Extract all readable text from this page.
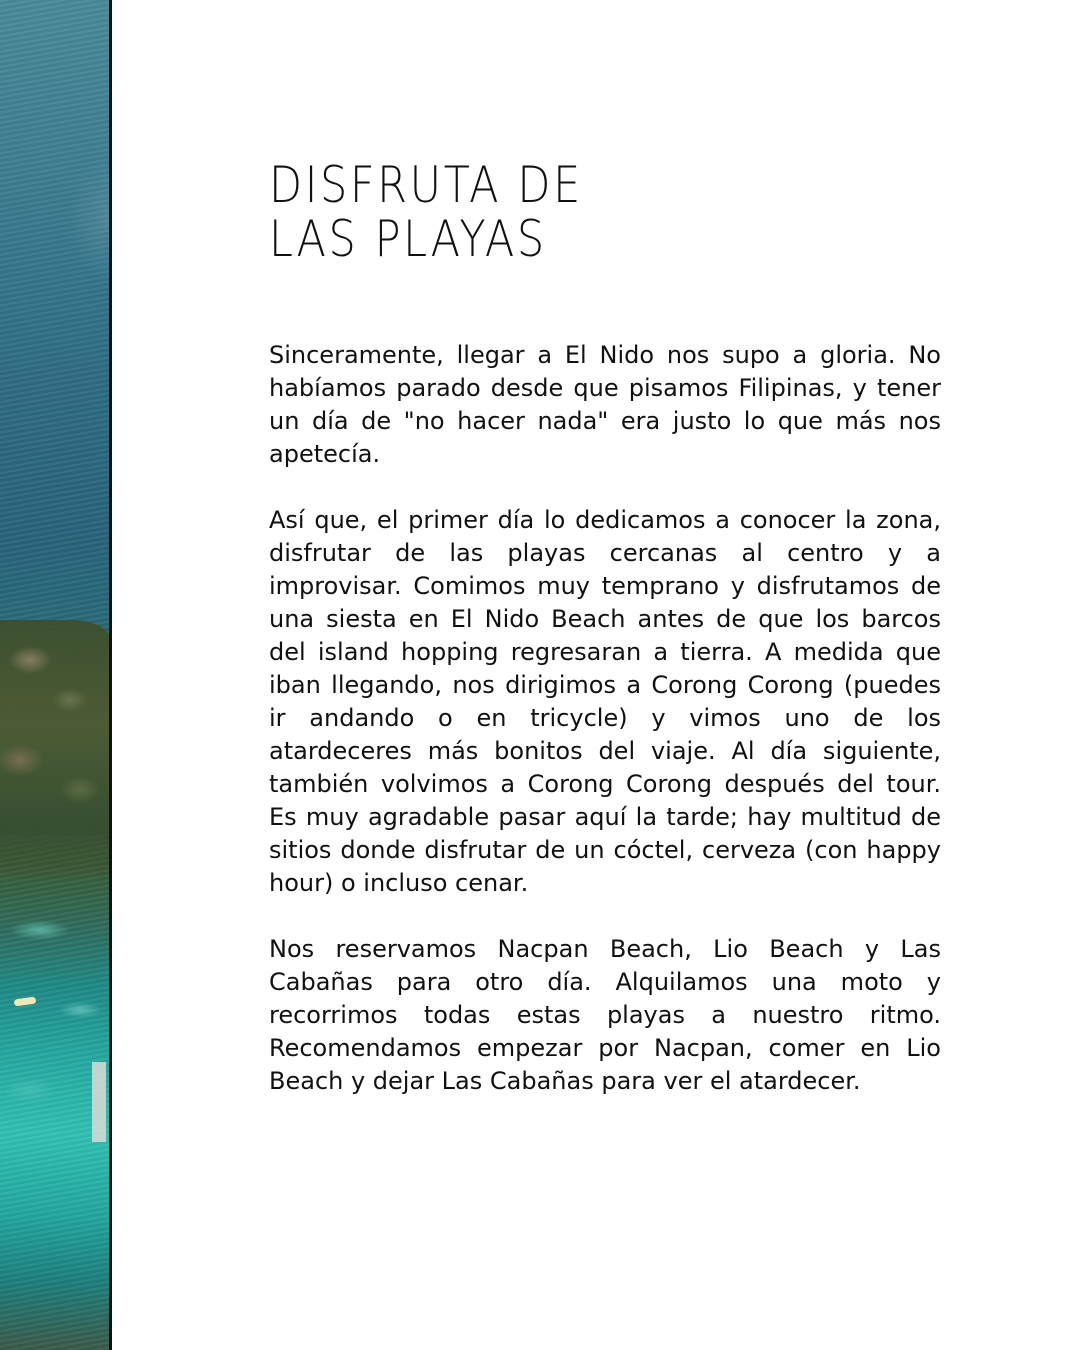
DISFRUTA DE
LAS PLAYAS

Sinceramente, llegar a El Nido nos supo a gloria. No habíamos parado desde que pisamos Filipinas, y tener un día de "no hacer nada" era justo lo que más nos apetecía.

Así que, el primer día lo dedicamos a conocer la zona, disfrutar de las playas cercanas al centro y a improvisar. Comimos muy temprano y disfrutamos de una siesta en El Nido Beach antes de que los barcos del island hopping regresaran a tierra. A medida que iban llegando, nos dirigimos a Corong Corong (puedes ir andando o en tricycle) y vimos uno de los atardeceres más bonitos del viaje. Al día siguiente, también volvimos a Corong Corong después del tour. Es muy agradable pasar aquí la tarde; hay multitud de sitios donde disfrutar de un cóctel, cerveza (con happy hour) o incluso cenar.

Nos reservamos Nacpan Beach, Lio Beach y Las Cabañas para otro día. Alquilamos una moto y recorrimos todas estas playas a nuestro ritmo. Recomendamos empezar por Nacpan, comer en Lio Beach y dejar Las Cabañas para ver el atardecer.
